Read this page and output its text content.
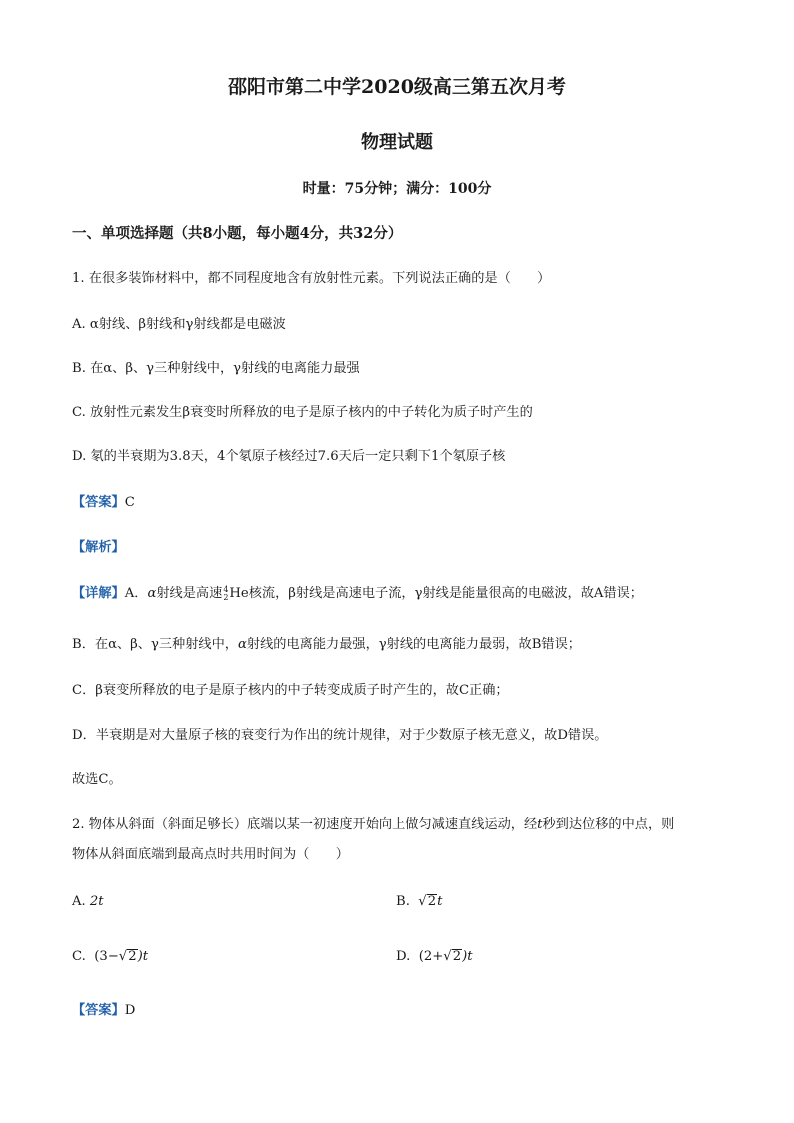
邵阳市第二中学2020级高三第五次月考
物理试题
时量：75分钟；满分：100分
一、单项选择题（共8小题，每小题4分，共32分）
1. 在很多装饰材料中，都不同程度地含有放射性元素。下列说法正确的是（　　）
A. α射线、β射线和γ射线都是电磁波
B. 在α、β、γ三种射线中，γ射线的电离能力最强
C. 放射性元素发生β衰变时所释放的电子是原子核内的中子转化为质子时产生的
D. 氡的半衰期为3.8天，4个氡原子核经过7.6天后一定只剩下1个氡原子核
【答案】C
【解析】
【详解】A．α射线是高速 4
2 He核流，β射线是高速电子流，γ射线是能量很高的电磁波，故A错误；
B．在α、β、γ三种射线中，α射线的电离能力最强，γ射线的电离能力最弱，故B错误；
C．β衰变所释放的电子是原子核内的中子转变成质子时产生的，故C正确；
D．半衰期是对大量原子核的衰变行为作出的统计规律，对于少数原子核无意义，故D错误。
故选C。
2. 物体从斜面（斜面足够长）底端以某一初速度开始向上做匀减速直线运动，经t秒到达位移的中点，则
物体从斜面底端到最高点时共用时间为（　　）
A. 2t	B.  √2t
C. (3−√2)t	D. (2+√2)t
【答案】D
